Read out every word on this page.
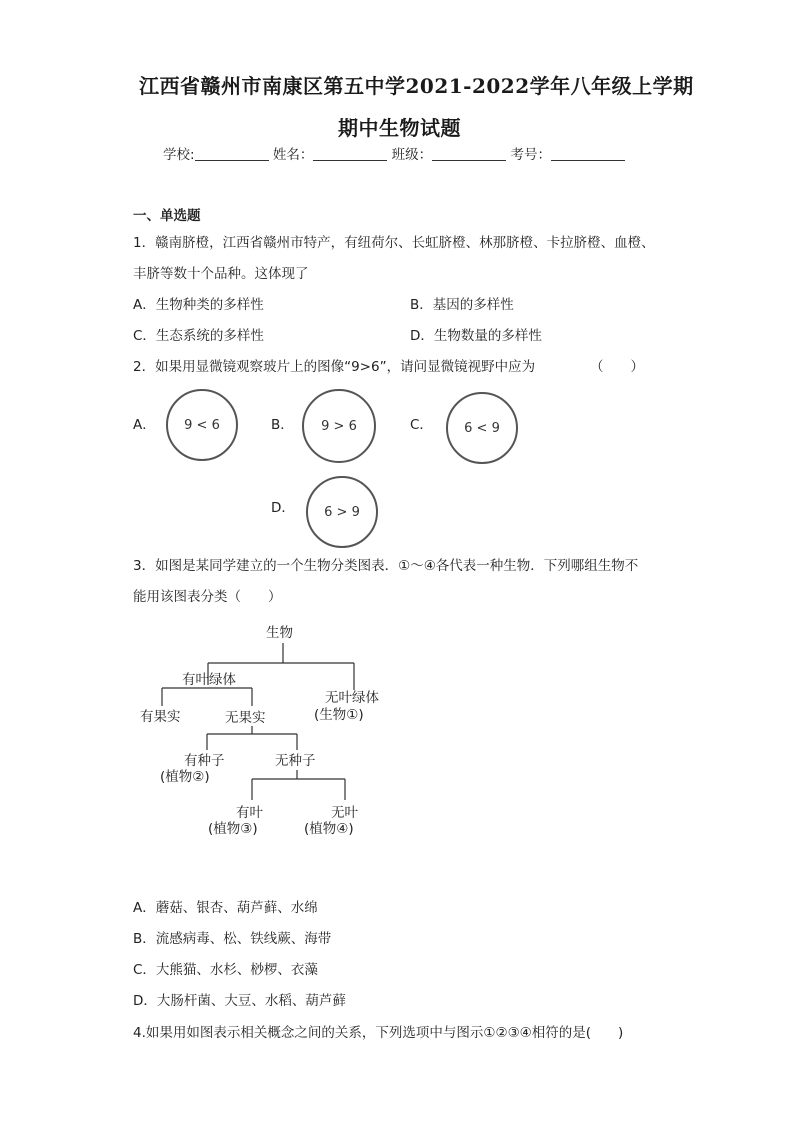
江西省赣州市南康区第五中学2021-2022学年八年级上学期
期中生物试题
学校:	姓名：	班级：	考号：
一、单选题
1．赣南脐橙，江西省赣州市特产，有纽荷尔、长虹脐橙、林那脐橙、卡拉脐橙、血橙、
丰脐等数十个品种。这体现了
A．生物种类的多样性	B．基因的多样性
C．生态系统的多样性	D．生物数量的多样性
2．如果用显微镜观察玻片上的图像“9>6”，请问显微镜视野中应为	（　　）
A． 9 < 6	B． 9 > 6	C． 6 < 9
D． 6 > 9
3．如图是某同学建立的一个生物分类图表．①～④各代表一种生物．下列哪组生物不
能用该图表分类（　　）
生物
有叶绿体
无叶绿体
(生物①)
有果实	无果实
有种子
(植物②)
无种子
有叶
(植物③)
无叶
(植物④)
A．蘑菇、银杏、葫芦藓、水绵
B．流感病毒、松、铁线蕨、海带
C．大熊猫、水杉、桫椤、衣藻
D．大肠杆菌、大豆、水稻、葫芦藓
4.如果用如图表示相关概念之间的关系，下列选项中与图示①②③④相符的是(　　)
